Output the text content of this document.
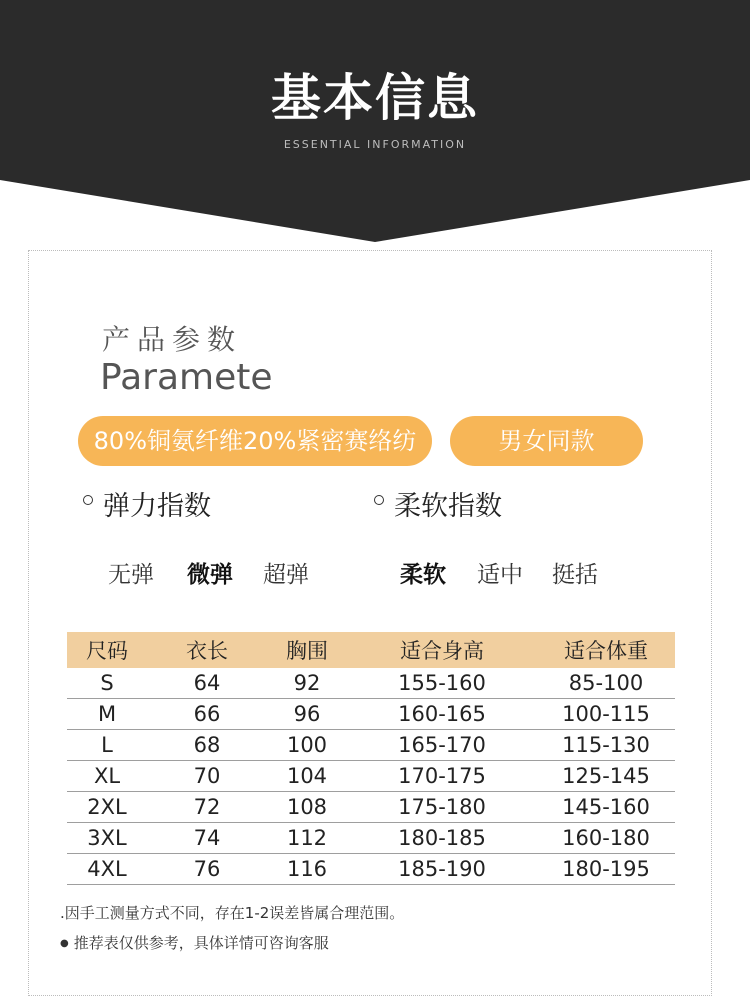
基本信息
ESSENTIAL INFORMATION
产品参数
Paramete
80%铜氨纤维20%紧密赛络纺	男女同款
弹力指数	柔软指数
无弹 微弹 超弹	柔软 适中 挺括
尺码	衣长	胸围	适合身高	适合体重
S	64	92	155-160	85-100
M	66	96	160-165	100-115
L	68	100	165-170	115-130
XL	70	104	170-175	125-145
2XL	72	108	175-180	145-160
3XL	74	112	180-185	160-180
4XL	76	116	185-190	180-195
.因手工测量方式不同，存在1-2误差皆属合理范围。
● 推荐表仅供参考，具体详情可咨询客服
